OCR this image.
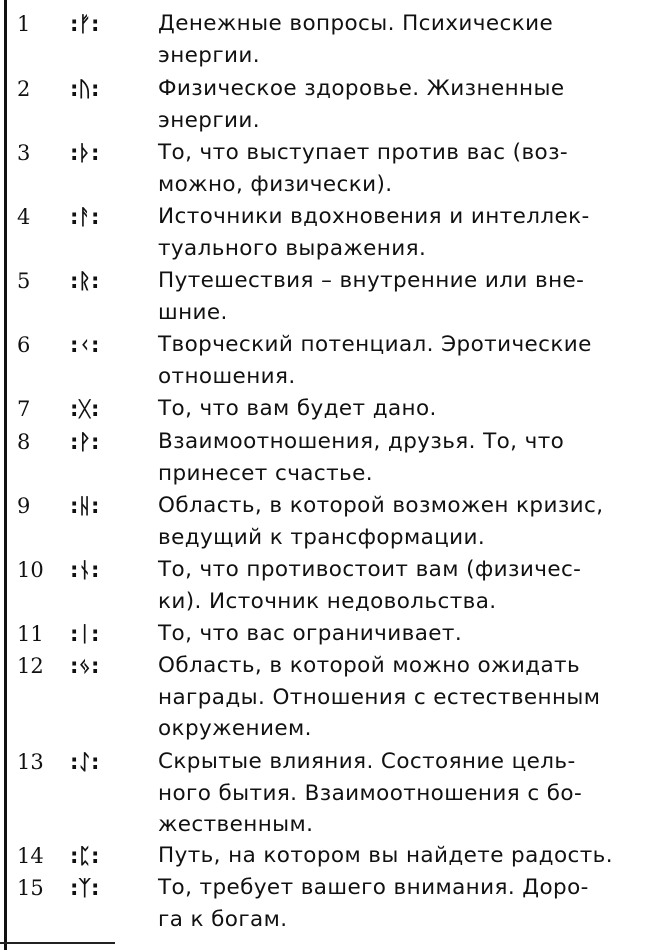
1	:ᚠ:	Денежные вопросы. Психические
энергии.
2	:ᚢ:	Физическое здоровье. Жизненные
энергии.
3	:ᚦ:	То, что выступает против вас (воз-
можно, физически).
4	:ᚨ:	Источники вдохновения и интеллек-
туального выражения.
5	:ᚱ:	Путешествия – внутренние или вне-
шние.
6	:ᚲ:	Творческий потенциал. Эротические
отношения.
7	:ᚷ:	То, что вам будет дано.
8	:ᚹ:	Взаимоотношения, друзья. То, что
принесет счастье.
9	:ᚺ:	Область, в которой возможен кризис,
ведущий к трансформации.
10	:ᚾ:	То, что противостоит вам (физичес-
ки). Источник недовольства.
11	:ᛁ:	То, что вас ограничивает.
12	:ᛃ:	Область, в которой можно ожидать
награды. Отношения с естественным
окружением.
13	:ᛇ:	Скрытые влияния. Состояние цель-
ного бытия. Взаимоотношения с бо-
жественным.
14	:ᛈ:	Путь, на котором вы найдете радость.
15	:ᛉ:	То, требует вашего внимания. Доро-
га к богам.
